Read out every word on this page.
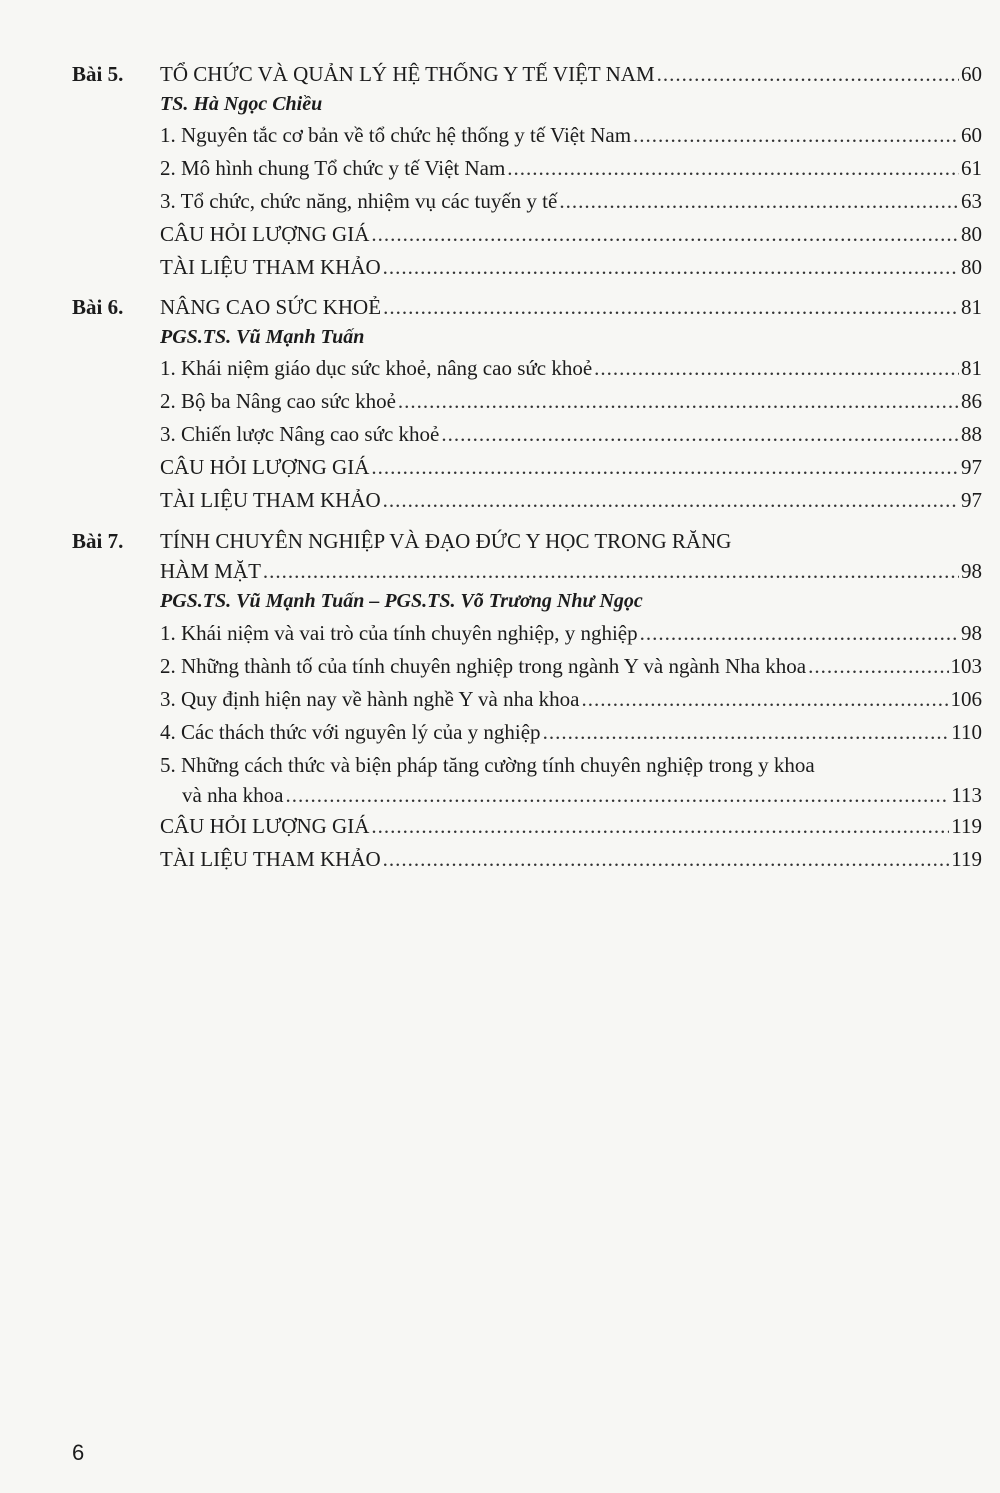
Bài 5. TỔ CHỨC VÀ QUẢN LÝ HỆ THỐNG Y TẾ VIỆT NAM .....	60
TS. Hà Ngọc Chiều
1. Nguyên tắc cơ bản về tổ chức hệ thống y tế Việt Nam .....	60
2. Mô hình chung Tổ chức y tế Việt Nam .....	61
3. Tổ chức, chức năng, nhiệm vụ các tuyến y tế .....	63
CÂU HỎI LƯỢNG GIÁ .....	80
TÀI LIỆU THAM KHẢO .....	80
Bài 6. NÂNG CAO SỨC KHOẺ .....	81
PGS.TS. Vũ Mạnh Tuấn
1. Khái niệm giáo dục sức khoẻ, nâng cao sức khoẻ .....	81
2. Bộ ba Nâng cao sức khoẻ .....	86
3. Chiến lược Nâng cao sức khoẻ .....	88
CÂU HỎI LƯỢNG GIÁ .....	97
TÀI LIỆU THAM KHẢO .....	97
Bài 7. TÍNH CHUYÊN NGHIỆP VÀ ĐẠO ĐỨC Y HỌC TRONG RĂNG
HÀM MẶT .....	98
PGS.TS. Vũ Mạnh Tuấn – PGS.TS. Võ Trương Như Ngọc
1. Khái niệm và vai trò của tính chuyên nghiệp, y nghiệp .....	98
2. Những thành tố của tính chuyên nghiệp trong ngành Y và ngành Nha khoa .....	103
3. Quy định hiện nay về hành nghề Y và nha khoa .....	106
4. Các thách thức với nguyên lý của y nghiệp .....	110
5. Những cách thức và biện pháp tăng cường tính chuyên nghiệp trong y khoa
và nha khoa .....	113
CÂU HỎI LƯỢNG GIÁ .....	119
TÀI LIỆU THAM KHẢO .....	119
6
